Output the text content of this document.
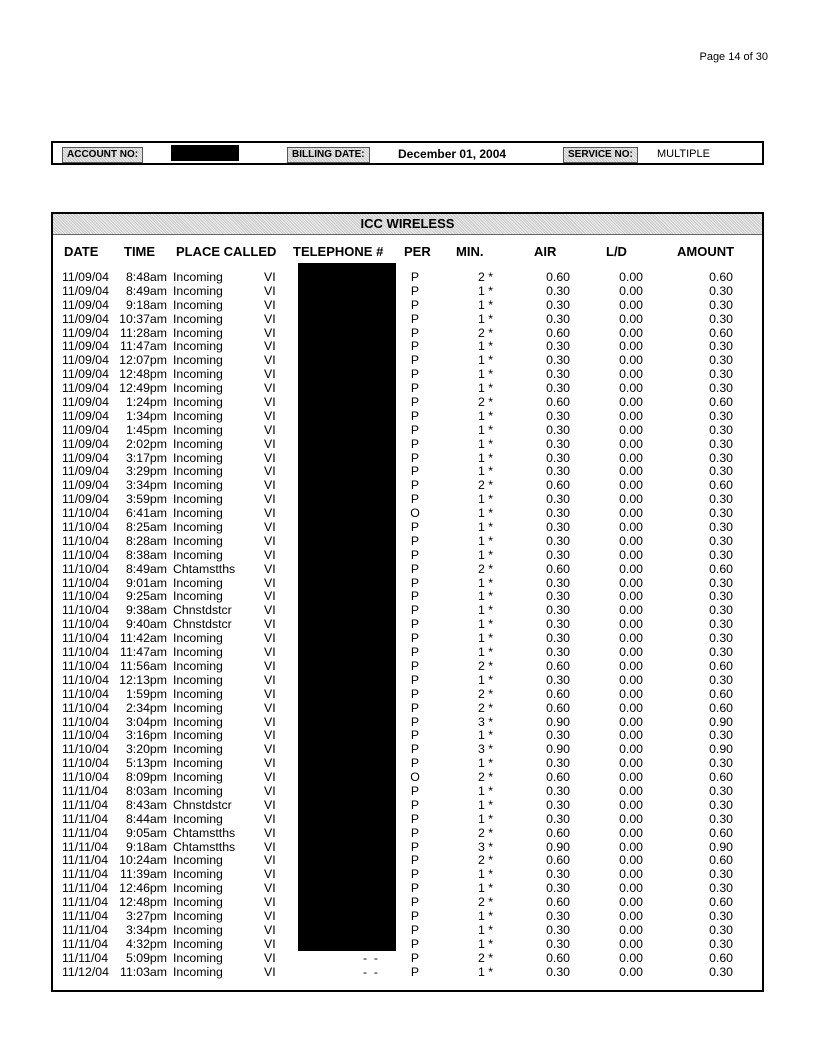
Page 14 of 30
ACCOUNT NO:	BILLING DATE:	December 01, 2004	SERVICE NO:	MULTIPLE
ICC WIRELESS
DATE TIME PLACE CALLED TELEPHONE # PER MIN.	AIR	L/D	AMOUNT
11/09/04	8:48am Incoming	VI	P	2 *	0.60	0.00	0.60
11/09/04	8:49am Incoming	VI	P	1 *	0.30	0.00	0.30
11/09/04	9:18am Incoming	VI	P	1 *	0.30	0.00	0.30
11/09/04 10:37am Incoming	VI	P	1 *	0.30	0.00	0.30
11/09/04 11:28am Incoming	VI	P	2 *	0.60	0.00	0.60
11/09/04 11:47am Incoming	VI	P	1 *	0.30	0.00	0.30
11/09/04 12:07pm Incoming	VI	P	1 *	0.30	0.00	0.30
11/09/04 12:48pm Incoming	VI	P	1 *	0.30	0.00	0.30
11/09/04 12:49pm Incoming	VI	P	1 *	0.30	0.00	0.30
11/09/04	1:24pm Incoming	VI	P	2 *	0.60	0.00	0.60
11/09/04	1:34pm Incoming	VI	P	1 *	0.30	0.00	0.30
11/09/04	1:45pm Incoming	VI	P	1 *	0.30	0.00	0.30
11/09/04	2:02pm Incoming	VI	P	1 *	0.30	0.00	0.30
11/09/04	3:17pm Incoming	VI	P	1 *	0.30	0.00	0.30
11/09/04	3:29pm Incoming	VI	P	1 *	0.30	0.00	0.30
11/09/04	3:34pm Incoming	VI	P	2 *	0.60	0.00	0.60
11/09/04	3:59pm Incoming	VI	P	1 *	0.30	0.00	0.30
11/10/04	6:41am Incoming	VI	O	1 *	0.30	0.00	0.30
11/10/04	8:25am Incoming	VI	P	1 *	0.30	0.00	0.30
11/10/04	8:28am Incoming	VI	P	1 *	0.30	0.00	0.30
11/10/04	8:38am Incoming	VI	P	1 *	0.30	0.00	0.30
11/10/04	8:49am Chtamstths VI	P	2 *	0.60	0.00	0.60
11/10/04	9:01am Incoming	VI	P	1 *	0.30	0.00	0.30
11/10/04	9:25am Incoming	VI	P	1 *	0.30	0.00	0.30
11/10/04	9:38am Chnstdstcr	VI	P	1 *	0.30	0.00	0.30
11/10/04	9:40am Chnstdstcr	VI	P	1 *	0.30	0.00	0.30
11/10/04 11:42am Incoming	VI	P	1 *	0.30	0.00	0.30
11/10/04 11:47am Incoming	VI	P	1 *	0.30	0.00	0.30
11/10/04 11:56am Incoming	VI	P	2 *	0.60	0.00	0.60
11/10/04 12:13pm Incoming	VI	P	1 *	0.30	0.00	0.30
11/10/04	1:59pm Incoming	VI	P	2 *	0.60	0.00	0.60
11/10/04	2:34pm Incoming	VI	P	2 *	0.60	0.00	0.60
11/10/04	3:04pm Incoming	VI	P	3 *	0.90	0.00	0.90
11/10/04	3:16pm Incoming	VI	P	1 *	0.30	0.00	0.30
11/10/04	3:20pm Incoming	VI	P	3 *	0.90	0.00	0.90
11/10/04	5:13pm Incoming	VI	P	1 *	0.30	0.00	0.30
11/10/04	8:09pm Incoming	VI	O	2 *	0.60	0.00	0.60
11/11/04	8:03am Incoming	VI	P	1 *	0.30	0.00	0.30
11/11/04	8:43am Chnstdstcr	VI	P	1 *	0.30	0.00	0.30
11/11/04	8:44am Incoming	VI	P	1 *	0.30	0.00	0.30
11/11/04	9:05am Chtamstths VI	P	2 *	0.60	0.00	0.60
11/11/04	9:18am Chtamstths VI	P	3 *	0.90	0.00	0.90
11/11/04 10:24am Incoming	VI	P	2 *	0.60	0.00	0.60
11/11/04 11:39am Incoming	VI	P	1 *	0.30	0.00	0.30
11/11/04 12:46pm Incoming	VI	P	1 *	0.30	0.00	0.30
11/11/04 12:48pm Incoming	VI	P	2 *	0.60	0.00	0.60
11/11/04	3:27pm Incoming	VI	P	1 *	0.30	0.00	0.30
11/11/04	3:34pm Incoming	VI	P	1 *	0.30	0.00	0.30
11/11/04	4:32pm Incoming	VI	-  -	P	1 *	0.30	0.00	0.30
11/11/04	5:09pm Incoming	VI	-  -	P	2 *	0.60	0.00	0.60
11/12/04 11:03am Incoming	VI	-  -	P	1 *	0.30	0.00	0.30
